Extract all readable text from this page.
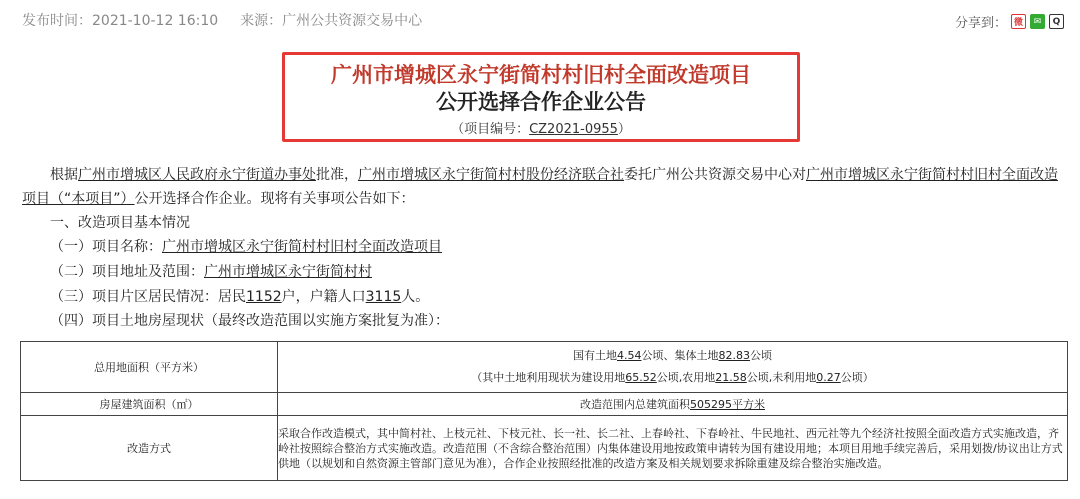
发布时间：2021-10-12 16:10 来源：广州公共资源交易中心	分享到： 微	✉	Q
广州市增城区永宁街简村村旧村全面改造项目
公开选择合作企业公告
（项目编号：CZ2021-0955）
根据广州市增城区人民政府永宁街道办事处批准，广州市增城区永宁街简村村股份经济联合社委托广州公共资源交易中心对广州市增城区永宁街简村村旧村全面改造项目（“本项目”）公开选择合作企业。现将有关事项公告如下：
一、改造项目基本情况
（一）项目名称：广州市增城区永宁街简村村旧村全面改造项目
（二）项目地址及范围：广州市增城区永宁街简村村
（三）项目片区居民情况：居民1152户，户籍人口3115人。
（四）项目土地房屋现状（最终改造范围以实施方案批复为准）：
总用地面积（平方米）	国有土地4.54公顷、集体土地82.83公顷
（其中土地利用现状为建设用地65.52公顷,农用地21.58公顷,未利用地0.27公顷）

房屋建筑面积（㎡）	改造范围内总建筑面积505295平方米
改造方式	采取合作改造模式，其中简村社、上枝元社、下枝元社、长一社、长二社、上春岭社、下春岭社、牛民地社、西元社等九个经济社按照全面改造方式实施改造，齐岭社按照综合整治方式实施改造。改造范围（不含综合整治范围）内集体建设用地按政策申请转为国有建设用地；本项目用地手续完善后，采用划拨/协议出让方式供地（以规划和自然资源主管部门意见为准），合作企业按照经批准的改造方案及相关规划要求拆除重建及综合整治实施改造。
